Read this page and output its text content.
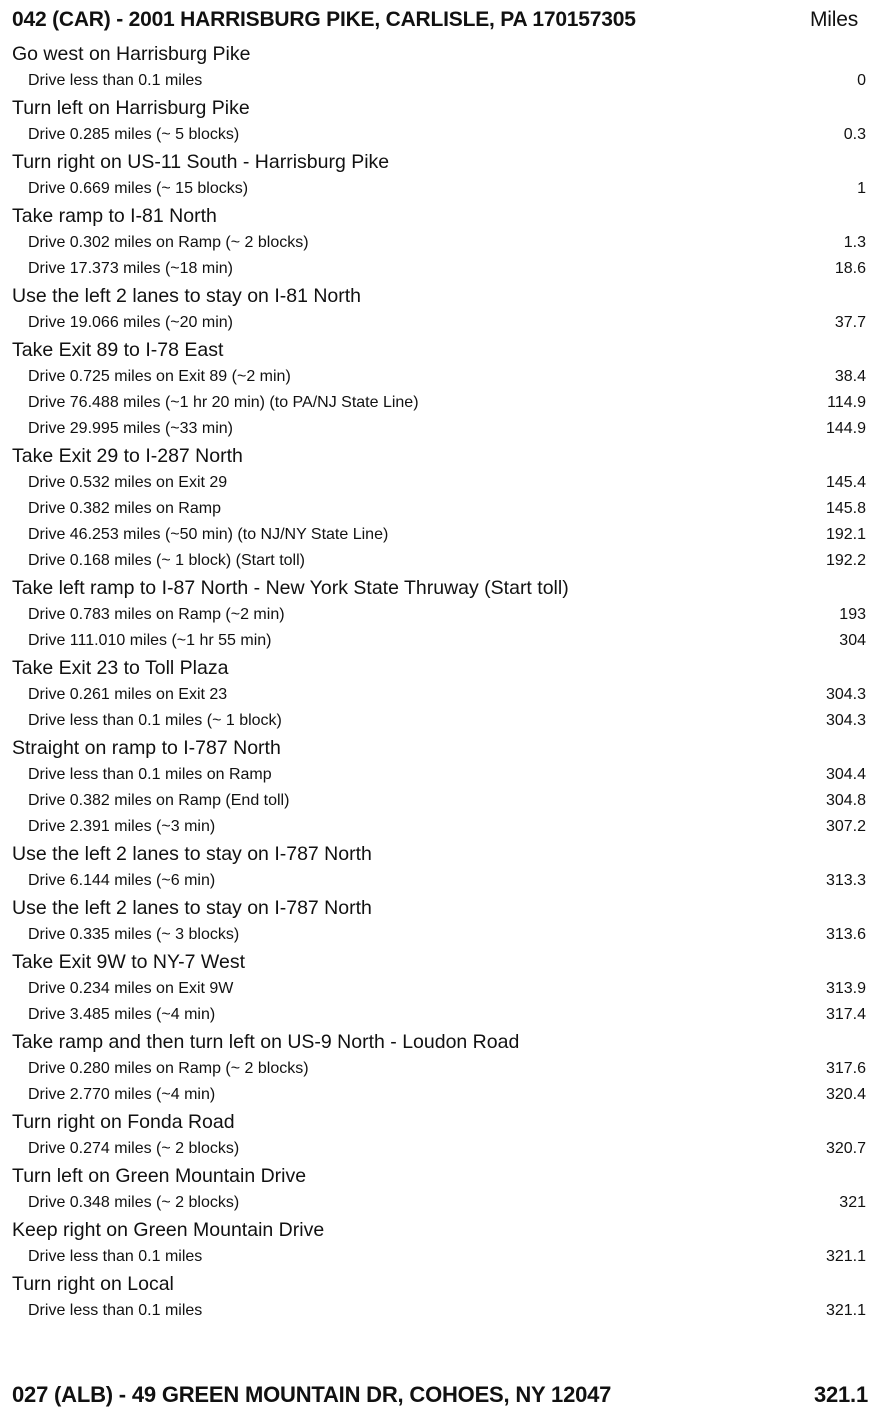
042 (CAR) - 2001 HARRISBURG PIKE, CARLISLE, PA 170157305	Miles
Go west on Harrisburg Pike
Drive less than 0.1 miles	0
Turn left on Harrisburg Pike
Drive 0.285 miles (~ 5 blocks)	0.3
Turn right on US-11 South - Harrisburg Pike
Drive 0.669 miles (~ 15 blocks)	1
Take ramp to I-81 North
Drive 0.302 miles on Ramp (~ 2 blocks)	1.3
Drive 17.373 miles (~18 min)	18.6
Use the left 2 lanes to stay on I-81 North
Drive 19.066 miles (~20 min)	37.7
Take Exit 89 to I-78 East
Drive 0.725 miles on Exit 89 (~2 min)	38.4
Drive 76.488 miles (~1 hr 20 min) (to PA/NJ State Line)	114.9
Drive 29.995 miles (~33 min)	144.9
Take Exit 29 to I-287 North
Drive 0.532 miles on Exit 29	145.4
Drive 0.382 miles on Ramp	145.8
Drive 46.253 miles (~50 min) (to NJ/NY State Line)	192.1
Drive 0.168 miles (~ 1 block) (Start toll)	192.2
Take left ramp to I-87 North - New York State Thruway (Start toll)
Drive 0.783 miles on Ramp (~2 min)	193
Drive 111.010 miles (~1 hr 55 min)	304
Take Exit 23 to Toll Plaza
Drive 0.261 miles on Exit 23	304.3
Drive less than 0.1 miles (~ 1 block)	304.3
Straight on ramp to I-787 North
Drive less than 0.1 miles on Ramp	304.4
Drive 0.382 miles on Ramp (End toll)	304.8
Drive 2.391 miles (~3 min)	307.2
Use the left 2 lanes to stay on I-787 North
Drive 6.144 miles (~6 min)	313.3
Use the left 2 lanes to stay on I-787 North
Drive 0.335 miles (~ 3 blocks)	313.6
Take Exit 9W to NY-7 West
Drive 0.234 miles on Exit 9W	313.9
Drive 3.485 miles (~4 min)	317.4
Take ramp and then turn left on US-9 North - Loudon Road
Drive 0.280 miles on Ramp (~ 2 blocks)	317.6
Drive 2.770 miles (~4 min)	320.4
Turn right on Fonda Road
Drive 0.274 miles (~ 2 blocks)	320.7
Turn left on Green Mountain Drive
Drive 0.348 miles (~ 2 blocks)	321
Keep right on Green Mountain Drive
Drive less than 0.1 miles	321.1
Turn right on Local
Drive less than 0.1 miles	321.1
027 (ALB) - 49 GREEN MOUNTAIN DR, COHOES, NY 12047	321.1
